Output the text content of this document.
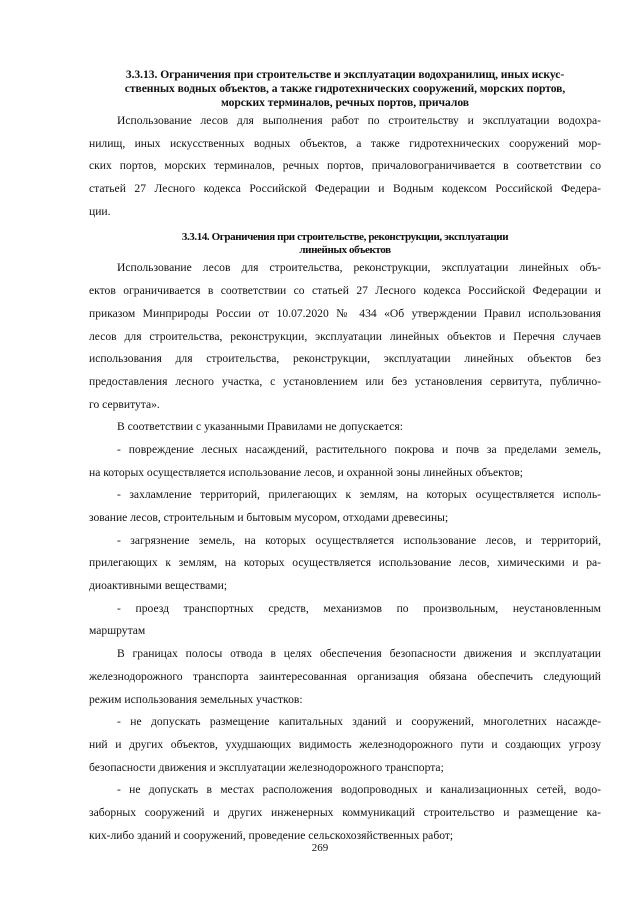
3.3.13. Ограничения при строительстве и эксплуатации водохранилищ, иных искус-
ственных водных объектов, а также гидротехнических сооружений, морских портов,
морских терминалов, речных портов, причалов

Использование лесов для выполнения работ по строительству и эксплуатации водохра-
нилищ, иных искусственных водных объектов, а также гидротехнических сооружений мор-
ских портов, морских терминалов, речных портов, причаловограничивается в соответствии со
статьей 27 Лесного кодекса Российской Федерации и Водным кодексом Российской Федера-
ции.

3.3.14. Ограничения при строительстве, реконструкции, эксплуатации
линейных объектов

Использование лесов для строительства, реконструкции, эксплуатации линейных объ-
ектов ограничивается в соответствии со статьей 27 Лесного кодекса Российской Федерации и
приказом Минприроды России от 10.07.2020 № 434 «Об утверждении Правил использования
лесов для строительства, реконструкции, эксплуатации линейных объектов и Перечня случаев
использования для строительства, реконструкции, эксплуатации линейных объектов без
предоставления лесного участка, с установлением или без установления сервитута, публично-
го сервитута».

В соответствии с указанными Правилами не допускается:

- повреждение лесных насаждений, растительного покрова и почв за пределами земель,
на которых осуществляется использование лесов, и охранной зоны линейных объектов;

- захламление территорий, прилегающих к землям, на которых осуществляется исполь-
зование лесов, строительным и бытовым мусором, отходами древесины;

- загрязнение земель, на которых осуществляется использование лесов, и территорий,
прилегающих к землям, на которых осуществляется использование лесов, химическими и ра-
диоактивными веществами;

- проезд транспортных средств, механизмов по произвольным, неустановленным
маршрутам

В границах полосы отвода в целях обеспечения безопасности движения и эксплуатации
железнодорожного транспорта заинтересованная организация обязана обеспечить следующий
режим использования земельных участков:

- не допускать размещение капитальных зданий и сооружений, многолетних насажде-
ний и других объектов, ухудшающих видимость железнодорожного пути и создающих угрозу
безопасности движения и эксплуатации железнодорожного транспорта;

- не допускать в местах расположения водопроводных и канализационных сетей, водо-
заборных сооружений и других инженерных коммуникаций строительство и размещение ка-
ких-либо зданий и сооружений, проведение сельскохозяйственных работ;

269
